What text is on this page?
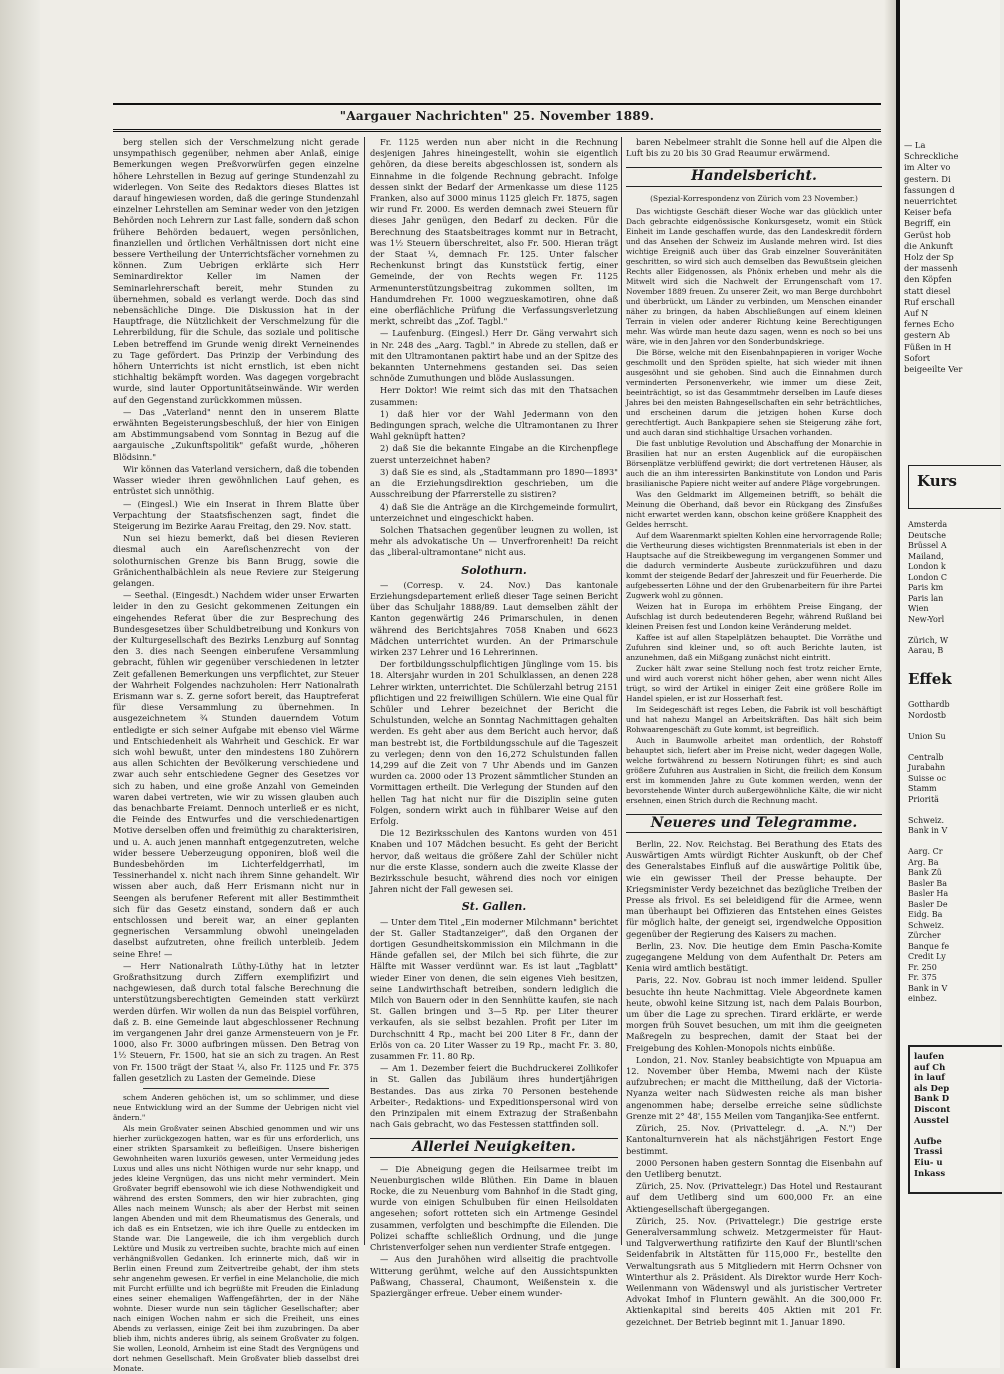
"Aargauer Nachrichten" 25. November 1889.

berg stellen sich der Verschmelzung nicht gerade unsympathisch gegenüber, nehmen aber Anlaß, einige Bemerkungen wegen Preßvorwürfen gegen einzelne höhere Lehrstellen in Bezug auf geringe Stundenzahl zu widerlegen. Von Seite des Redaktors dieses Blattes ist darauf hingewiesen worden, daß die geringe Stundenzahl einzelner Lehrstellen am Seminar weder von den jetzigen Behörden noch Lehrern zur Last falle, sondern daß schon frühere Behörden bedauert, wegen persönlichen, finanziellen und örtlichen Verhältnissen dort nicht eine bessere Vertheilung der Unterrichtsfächer vornehmen zu können. Zum Uebrigen erklärte sich Herr Seminardirektor Keller im Namen der Seminarlehrerschaft bereit, mehr Stunden zu übernehmen, sobald es verlangt werde. Doch das sind nebensächliche Dinge. Die Diskussion hat in der Hauptfrage, die Nützlichkeit der Verschmelzung für die Lehrerbildung, für die Schule, das soziale und politische Leben betreffend im Grunde wenig direkt Verneinendes zu Tage gefördert. Das Prinzip der Verbindung des höhern Unterrichts ist nicht ernstlich, ist eben nicht stichhaltig bekämpft worden. Was dagegen vorgebracht wurde, sind lauter Opportunitätseinwände. Wir werden auf den Gegenstand zurückkommen müssen.

— Das „Vaterland" nennt den in unserem Blatte erwähnten Begeisterungsbeschluß, der hier von Einigen am Abstimmungsabend vom Sonntag in Bezug auf die aargauische „Zukunftspolitik" gefaßt wurde, „höheren Blödsinn."

Wir können das Vaterland versichern, daß die tobenden Wasser wieder ihren gewöhnlichen Lauf gehen, es entrüstet sich unnöthig.

— (Eingesl.) Wie ein Inserat in Ihrem Blatte über Verpachtung der Staatsfischenzen sagt, findet die Steigerung im Bezirke Aarau Freitag, den 29. Nov. statt.

Nun sei hiezu bemerkt, daß bei diesen Revieren diesmal auch ein Aareſischenzrecht von der solothurnischen Grenze bis Bann Brugg, sowie die Gränichenthalbächlein als neue Reviere zur Steigerung gelangen.

— Seethal. (Eingesdt.) Nachdem wider unser Erwarten leider in den zu Gesicht gekommenen Zeitungen ein eingehendes Referat über die zur Besprechung des Bundesgesetzes über Schuldbetreibung und Konkurs von der Kulturgesellschaft des Bezirks Lenzburg auf Sonntag den 3. dies nach Seengen einberufene Versammlung gebracht, fühlen wir gegenüber verschiedenen in letzter Zeit gefallenen Bemerkungen uns verpflichtet, zur Steuer der Wahrheit Folgendes nachzuholen: Herr Nationalrath Erismann war s. Z. gerne sofort bereit, das Hauptreferat für diese Versammlung zu übernehmen. In ausgezeichnetem ¾ Stunden dauerndem Votum entledigte er sich seiner Aufgabe mit ebenso viel Wärme und Entschiedenheit als Wahrheit und Geschick. Er war sich wohl bewußt, unter den mindestens 180 Zuhörern aus allen Schichten der Bevölkerung verschiedene und zwar auch sehr entschiedene Gegner des Gesetzes vor sich zu haben, und eine große Anzahl von Gemeinden waren dabei vertreten, wie wir zu wissen glauben auch das benachbarte Freiamt. Dennoch unterließ er es nicht, die Feinde des Entwurfes und die verschiedenartigen Motive derselben offen und freimüthig zu charakterisiren, und u. A. auch jenen mannhaft entgegenzutreten, welche wider bessere Ueberzeugung opponiren, bloß weil die Bundesbehörden im Lichterfeldgerrhatl, im Tessinerhandel x. nicht nach ihrem Sinne gehandelt. Wir wissen aber auch, daß Herr Erismann nicht nur in Seengen als berufener Referent mit aller Bestimmtheit sich für das Gesetz einstand, sondern daß er auch entschlossen und bereit war, an einer geplanten gegnerischen Versammlung obwohl uneingeladen daselbst aufzutreten, ohne freilich unterbleib. Jedem seine Ehre! —

— Herr Nationalrath Lüthy-Lüthy hat in letzter Großrathsitzung durch Ziffern exemplifizirt und nachgewiesen, daß durch total falsche Berechnung die unterstützungsberechtigten Gemeinden statt verkürzt werden dürfen. Wir wollen da nun das Beispiel vorführen, daß z. B. eine Gemeinde laut abgeschlossener Rechnung im vergangenen Jahr drei ganze Armensteuern von je Fr. 1000, also Fr. 3000 aufbringen müssen. Den Betrag von 1½ Steuern, Fr. 1500, hat sie an sich zu tragen. An Rest von Fr. 1500 trägt der Staat ¼, also Fr. 1125 und Fr. 375 fallen gesetzlich zu Lasten der Gemeinde. Diese

schem Anderen gehöchen ist, um so schlimmer, und diese neue Entwicklung wird an der Summe der Uebrigen nicht viel ändern."

Als mein Großvater seinen Abschied genommen und wir uns hierher zurückgezogen hatten, war es für uns erforderlich, uns einer strikten Sparsamkeit zu befleißigen. Unsere bisherigen Gewohnheiten waren luxuriös gewesen, unter Vermeidung jedes Luxus und alles uns nicht Nöthigen wurde nur sehr knapp, und jedes kleine Vergnügen, das uns nicht mehr vermindert. Mein Großvater begriff ebensowohl wie ich diese Nothwendigkeit und während des ersten Sommers, den wir hier zubrachten, ging Alles nach meinem Wunsch; als aber der Herbst mit seinen langen Abenden und mit dem Rheumatismus des Generals, und ich daß es ein Entsetzen, wie ich ihre Quelle zu entdecken im Stande war. Die Langeweile, die ich ihm vergeblich durch Lektüre und Musik zu vertreiben suchte, brachte mich auf einen verhängnißvollen Gedanken. Ich erinnerte mich, daß wir in Berlin einen Freund zum Zeitvertreibe gehabt, der ihm stets sehr angenehm gewesen. Er verfiel in eine Melancholie, die mich mit Furcht erfüllte und ich begrüßte mit Freuden die Einladung eines seiner ehemaligen Waffengefährten, der in der Nähe wohnte. Dieser wurde nun sein täglicher Gesellschafter; aber nach einigen Wochen nahm er sich die Freiheit, uns eines Abends zu verlassen, einige Zeit bei ihm zuzubringen. Da aber blieb ihm, nichts anderes übrig, als seinem Großvater zu folgen. Sie wollen, Leonold, Arnheim ist eine Stadt des Vergnügens und dort nehmen Gesellschaft. Mein Großvater blieb dasselbst drei Monate.

Fr. 1125 werden nun aber nicht in die Rechnung desjenigen Jahres hineingestellt, wohin sie eigentlich gehören, da diese bereits abgeschlossen ist, sondern als Einnahme in die folgende Rechnung gebracht. Infolge dessen sinkt der Bedarf der Armenkasse um diese 1125 Franken, also auf 3000 minus 1125 gleich Fr. 1875, sagen wir rund Fr. 2000. Es werden demnach zwei Steuern für dieses Jahr genügen, den Bedarf zu decken. Für die Berechnung des Staatsbeitrages kommt nur in Betracht, was 1½ Steuern überschreitet, also Fr. 500. Hieran trägt der Staat ¼, demnach Fr. 125. Unter falscher Rechenkunst bringt das Kunststück fertig, einer Gemeinde, der von Rechts wegen Fr. 1125 Armenunterstützungsbeitrag zukommen sollten, im Handumdrehen Fr. 1000 wegzueskamotiren, ohne daß eine oberflächliche Prüfung die Verfassungsverletzung merkt, schreibt das „Zof. Tagbl."

— Laufenburg. (Eingesl.) Herr Dr. Gäng verwahrt sich in Nr. 248 des „Aarg. Tagbl." in Abrede zu stellen, daß er mit den Ultramontanen paktirt habe und an der Spitze des bekannten Unternehmens gestanden sei. Das seien schnöde Zumuthungen und blöde Auslassungen.

Herr Doktor! Wie reimt sich das mit den Thatsachen zusammen:

1) daß hier vor der Wahl Jedermann von den Bedingungen sprach, welche die Ultramontanen zu Ihrer Wahl geknüpft hatten?

2) daß Sie die bekannte Eingabe an die Kirchenpflege zuerst unterzeichnet haben?

3) daß Sie es sind, als „Stadtammann pro 1890—1893" an die Erziehungsdirektion geschrieben, um die Ausschreibung der Pfarrerstelle zu sistiren?

4) daß Sie die Anträge an die Kirchgemeinde formulirt, unterzeichnet und eingeschickt haben.

Solchen Thatsachen gegenüber leugnen zu wollen, ist mehr als advokatische Un — Unverfrorenheit! Da reicht das „liberal-ultramontane" nicht aus.

Solothurn.

— (Corresp. v. 24. Nov.) Das kantonale Erziehungsdepartement erließ dieser Tage seinen Bericht über das Schuljahr 1888/89. Laut demselben zählt der Kanton gegenwärtig 246 Primarschulen, in denen während des Berichtsjahres 7058 Knaben und 6623 Mädchen unterrichtet wurden. An der Primarschule wirken 237 Lehrer und 16 Lehrerinnen.

Der fortbildungsschulpflichtigen Jünglinge vom 15. bis 18. Altersjahr wurden in 201 Schulklassen, an denen 228 Lehrer wirkten, unterrichtet. Die Schülerzahl betrug 2151 pflichtigen und 22 freiwilligen Schülern. Wie eine Qual für Schüler und Lehrer bezeichnet der Bericht die Schulstunden, welche an Sonntag Nachmittagen gehalten werden. Es geht aber aus dem Bericht auch hervor, daß man bestrebt ist, die Fortbildungsschule auf die Tageszeit zu verlegen; denn von den 16,272 Schulstunden fallen 14,299 auf die Zeit von 7 Uhr Abends und im Ganzen wurden ca. 2000 oder 13 Prozent sämmtlicher Stunden an Vormittagen ertheilt. Die Verlegung der Stunden auf den hellen Tag hat nicht nur für die Disziplin seine guten Folgen, sondern wirkt auch in fühlbarer Weise auf den Erfolg.

Die 12 Bezirksschulen des Kantons wurden von 451 Knaben und 107 Mädchen besucht. Es geht der Bericht hervor, daß weitaus die größere Zahl der Schüler nicht nur die erste Klasse, sondern auch die zweite Klasse der Bezirksschule besucht, während dies noch vor einigen Jahren nicht der Fall gewesen sei.

St. Gallen.

— Unter dem Titel „Ein moderner Milchmann" berichtet der St. Galler Stadtanzeiger", daß den Organen der dortigen Gesundheitskommission ein Milchmann in die Hände gefallen sei, der Milch bei sich führte, die zur Hälfte mit Wasser verdünnt war. Es ist laut „Tagblatt" wieder Einer von denen, die sein eigenes Vieh besitzen, seine Landwirthschaft betreiben, sondern lediglich die Milch von Bauern oder in den Sennhütte kaufen, sie nach St. Gallen bringen und 3—5 Rp. per Liter theurer verkaufen, als sie selbst bezahlen. Profit per Liter im Durchschnitt 4 Rp., macht bei 200 Liter 8 Fr., dann der Erlös von ca. 20 Liter Wasser zu 19 Rp., macht Fr. 3. 80, zusammen Fr. 11. 80 Rp.

— Am 1. Dezember feiert die Buchdruckerei Zollikofer in St. Gallen das Jubiläum ihres hundertjährigen Bestandes. Das aus zirka 70 Personen bestehende Arbeiter-, Redaktions- und Expeditionspersonal wird von den Prinzipalen mit einem Extrazug der Straßenbahn nach Gais gebracht, wo das Festessen stattfinden soll.

Allerlei Neuigkeiten.

— Die Abneigung gegen die Heilsarmee treibt im Neuenburgischen wilde Blüthen. Ein Dame in blauen Rocke, die zu Neuenburg vom Bahnhof in die Stadt ging, wurde von einigen Schulbuben für einen Heilsoldaten angesehen; sofort rotteten sich ein Artmenge Gesindel zusammen, verfolgten und beschimpfte die Eilenden. Die Polizei schaffte schließlich Ordnung, und die junge Christenverfolger sehen nun verdienter Strafe entgegen.

— Aus den Jurahöhen wird allseitig die prachtvolle Witterung gerühmt, welche auf den Aussichtspunkten Paßwang, Chasseral, Chaumont, Weißenstein x. die Spaziergänger erfreue. Ueber einem wunder-

baren Nebelmeer strahlt die Sonne hell auf die Alpen die Luft bis zu 20 bis 30 Grad Reaumur erwärmend.

Handelsbericht.

(Spezial-Korrespondenz von Zürich vom 23 November.)

Das wichtigste Geschäft dieser Woche war das glücklich unter Dach gebrachte eidgenössische Konkursgesetz, womit ein Stück Einheit im Lande geschaffen wurde, das den Landeskredit fördern und das Ansehen der Schweiz im Auslande mehren wird. Ist dies wichtige Ereigniß auch über das Grab einzelner Souveränitäten geschritten, so wird sich auch demselben das Bewußtsein gleichen Rechts aller Eidgenossen, als Phönix erheben und mehr als die Mitwelt wird sich die Nachwelt der Errungenschaft vom 17. November 1889 freuen. Zu unserer Zeit, wo man Berge durchbohrt und überbrückt, um Länder zu verbinden, um Menschen einander näher zu bringen, da haben Abschließungen auf einem kleinen Terrain in vielen oder anderer Richtung keine Berechtigungen mehr. Was würde man heute dazu sagen, wenn es noch so bei uns wäre, wie in den Jahren vor den Sonderbundskriege.

Die Börse, welche mit den Eisenbahnpapieren in voriger Woche geschmollt und den Spröden spielte, hat sich wieder mit ihnen ausgesöhnt und sie gehoben. Sind auch die Einnahmen durch verminderten Personenverkehr, wie immer um diese Zeit, beeinträchtigt, so ist das Gesammtmehr derselben im Laufe dieses Jahres bei den meisten Bahngesellschaften ein sehr beträchtliches, und erscheinen darum die jetzigen hohen Kurse doch gerechtfertigt. Auch Bankpapiere sehen sie Steigerung zähe fort, und auch daran sind stichhaltige Ursachen vorhanden.

Die fast unblutige Revolution und Abschaffung der Monarchie in Brasilien hat nur an ersten Augenblick auf die europäischen Börsenplätze verblüffend gewirkt; die dort vertretenen Häuser, als auch die an ihm interessirten Bankinstitute von London und Paris brasilianische Papiere nicht weiter auf andere Pläge vorgebrungen.

Was den Geldmarkt im Allgemeinen betrifft, so behält die Meinung die Oberhand, daß bevor ein Rückgang des Zinsfußes nicht erwartet werden kann, obschon keine größere Knappheit des Geldes herrscht.

Auf dem Waarenmarkt spielten Kohlen eine hervorragende Rolle; die Vertheurung dieses wichtigsten Brennmaterials ist eben in der Hauptsache auf die Streikbewegung im vergangenen Sommer und die dadurch verminderte Ausbeute zurückzuführen und dazu kommt der steigende Bedarf der Jahreszeit und für Feuerherde. Die aufgebesserten Löhne und der den Grubenarbeitern für ihre Partei Zugwerk wohl zu gönnen.

Weizen hat in Europa im erhöhtem Preise Eingang, der Aufschlag ist durch bedeutenderen Begehr, während Rußland bei kleinen Preisen fest und London keine Veränderung meldet.

Kaffee ist auf allen Stapelplätzen behauptet. Die Vorräthe und Zufuhren sind kleiner und, so oft auch Berichte lauten, ist anzunehmen, daß ein Mißgang zunächst nicht eintritt.

Zucker hält zwar seine Stellung noch fest trotz reicher Ernte, und wird auch vorerst nicht höher gehen, aber wenn nicht Alles trügt, so wird der Artikel in einiger Zeit eine größere Rolle im Handel spielen, er ist zur Hosserhaft fest.

Im Seidegeschäft ist reges Leben, die Fabrik ist voll beschäftigt und hat nahezu Mangel an Arbeitskräften. Das hält sich beim Rohwaarengeschäft zu Gute kommt, ist begreiflich.

Auch in Baumwolle arbeitet man ordentlich, der Rohstoff behauptet sich, liefert aber im Preise nicht, weder dagegen Wolle, welche fortwährend zu bessern Notirungen führt; es sind auch größere Zufuhren aus Australien in Sicht, die freilich dem Konsum erst im kommenden Jahre zu Gute kommen werden, wenn der bevorstehende Winter durch außergewöhnliche Kälte, die wir nicht ersehnen, einen Strich durch die Rechnung macht.

Neueres und Telegramme.

Berlin, 22. Nov. Reichstag. Bei Berathung des Etats des Auswärtigen Amts würdigt Richter Auskunft, ob der Chef des Generalstabes Einfluß auf die auswärtige Politik übe, wie ein gewisser Theil der Presse behaupte. Der Kriegsminister Verdy bezeichnet das bezügliche Treiben der Presse als frivol. Es sei beleidigend für die Armee, wenn man überhaupt bei Offizieren das Entstehen eines Geistes für möglich halte, der geneigt sei, irgendwelche Opposition gegenüber der Regierung des Kaisers zu machen.

Berlin, 23. Nov. Die heutige dem Emin Pascha-Komite zugegangene Meldung von dem Aufenthalt Dr. Peters am Kenia wird amtlich bestätigt.

Paris, 22. Nov. Gobrau ist noch immer leidend. Spuller besuchte ihn heute Nachmittag. Viele Abgeordnete kamen heute, obwohl keine Sitzung ist, nach dem Palais Bourbon, um über die Lage zu sprechen. Tirard erklärte, er werde morgen früh Souvet besuchen, um mit ihm die geeigneten Maßregeln zu besprechen, damit der Staat bei der Freigebung des Kohlen-Monopols nichts einbüße.

London, 21. Nov. Stanley beabsichtigte von Mpuapua am 12. November über Hemba, Mwemi nach der Küste aufzubrechen; er macht die Mittheilung, daß der Victoria-Nyanza weiter nach Südwesten reiche als man bisher angenommen habe; derselbe erreiche seine südlichste Grenze mit 2° 48', 155 Meilen vom Tanganjika-See entfernt.

Zürich, 25. Nov. (Privattelegr. d. „A. N.") Der Kantonalturnverein hat als nächstjährigen Festort Enge bestimmt.

2000 Personen haben gestern Sonntag die Eisenbahn auf den Uetliberg benutzt.

Zürich, 25. Nov. (Privattelegr.) Das Hotel und Restaurant auf dem Uetliberg sind um 600,000 Fr. an eine Aktiengesellschaft übergegangen.

Zürich, 25. Nov. (Privattelegr.) Die gestrige erste Generalversammlung schweiz. Metzgermeister für Haut- und Talgverwerthung ratifizirte den Kauf der Bluntli'schen Seidenfabrik in Altstätten für 115,000 Fr., bestellte den Verwaltungsrath aus 5 Mitgliedern mit Herrn Ochsner von Winterthur als 2. Präsident. Als Direktor wurde Herr Koch-Weilenmann von Wädenswyl und als juristischer Vertreter Advokat Imhof in Fluntern gewählt. An die 300,000 Fr. Aktienkapital sind bereits 405 Aktien mit 201 Fr. gezeichnet. Der Betrieb beginnt mit 1. Januar 1890.

— La
Schreckliche
im Alter vo
gestern. Di
fassungen d
neuerrichtet
Keiser befa
Begriff, ein
Gerüst hob
die Ankunft
Holz der Sp
der massenh
den Köpfen
statt diesel
Ruf erschall
Auf N
fernes Echo
gestern Ab
Füßen in H
Sofort
beigeeilte Ver
Kurs
Amsterda
Deutsche
Brüssel A
Mailand,
London k
London C
Paris km
Paris lan
Wien
New-Yorl

Zürich, W
Aarau, B
Effek
Gotthardb
Nordostb

Union Su

Centralb
Jurabahn
Suisse oc
Stamm
Prioritä

Schweiz.
Bank in V

Aarg. Cr
Arg. Ba
Bank Zü
Basler Ba
Basler Ha
Basler De
Eidg. Ba
Schweiz.
Zürcher
Banque fe
Credit Ly
Fr. 250
Fr. 375
Bank in V
einbez.
laufen
auf Ch
in lauf
als Dep
Bank D
Discont
Ausstel

Aufbe
Trassi
Eiu- u
Inkass
